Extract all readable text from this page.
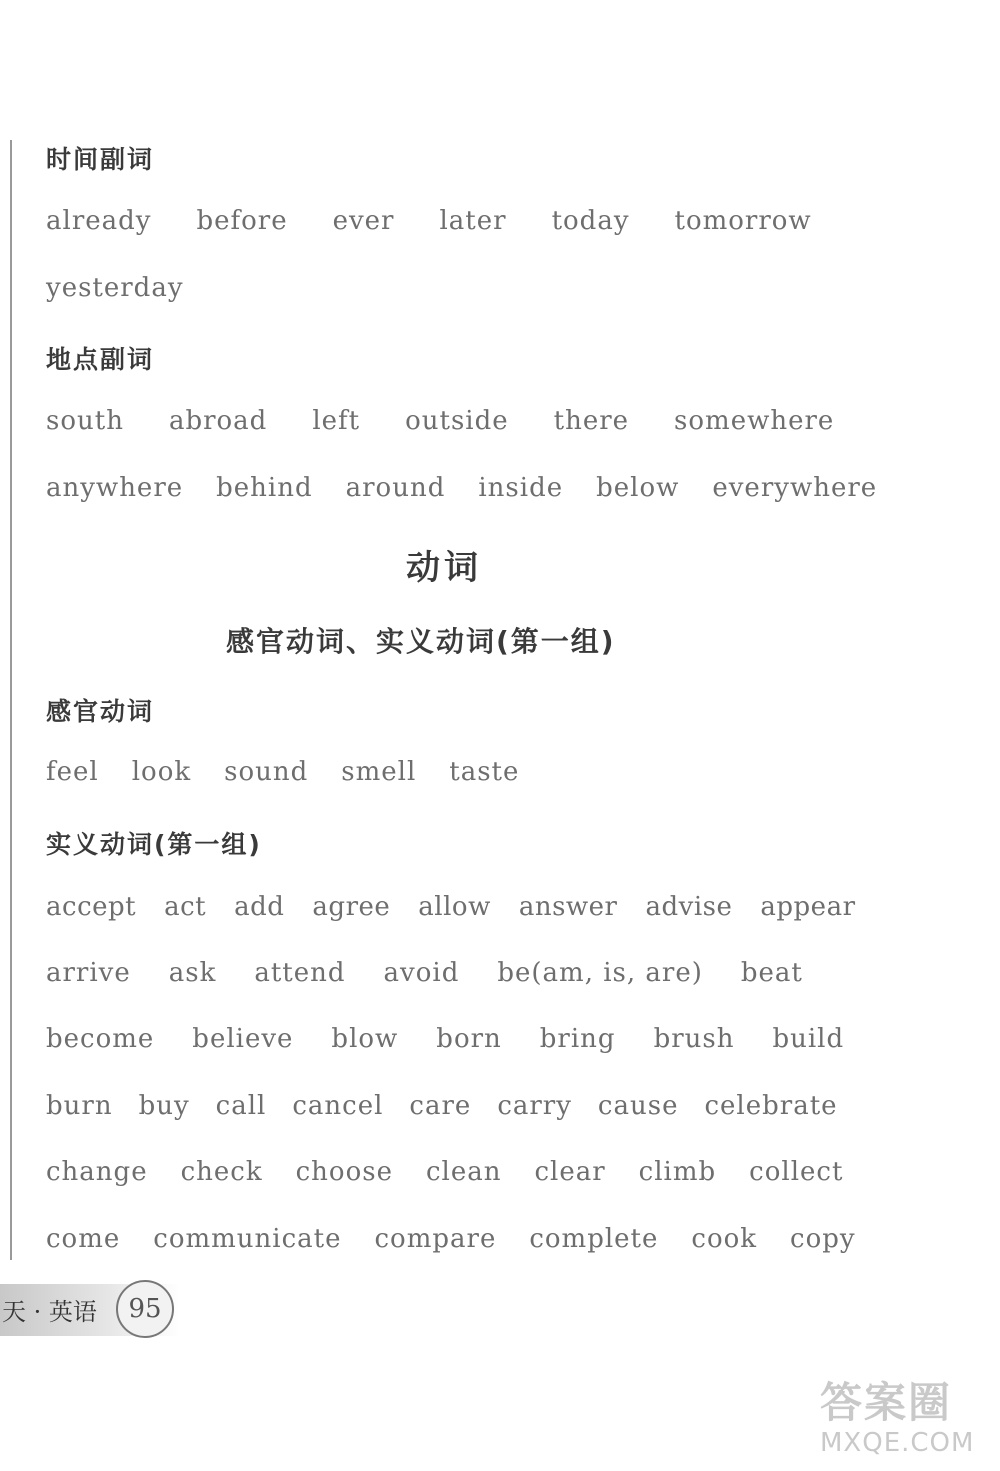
时间副词
already before ever later today tomorrow
yesterday
地点副词
south abroad left outside there somewhere
anywhere behind around inside below everywhere
动词
感官动词、实义动词(第一组)
感官动词
feel look sound smell taste
实义动词(第一组)
accept act add agree allow answer advise appear
arrive ask attend avoid be(am, is, are) beat
become believe blow born bring brush build
burn buy call cancel care carry cause celebrate
change check choose clean clear climb collect
come communicate compare complete cook copy
天 · 英语	95
答案圈
MXQE.COM
